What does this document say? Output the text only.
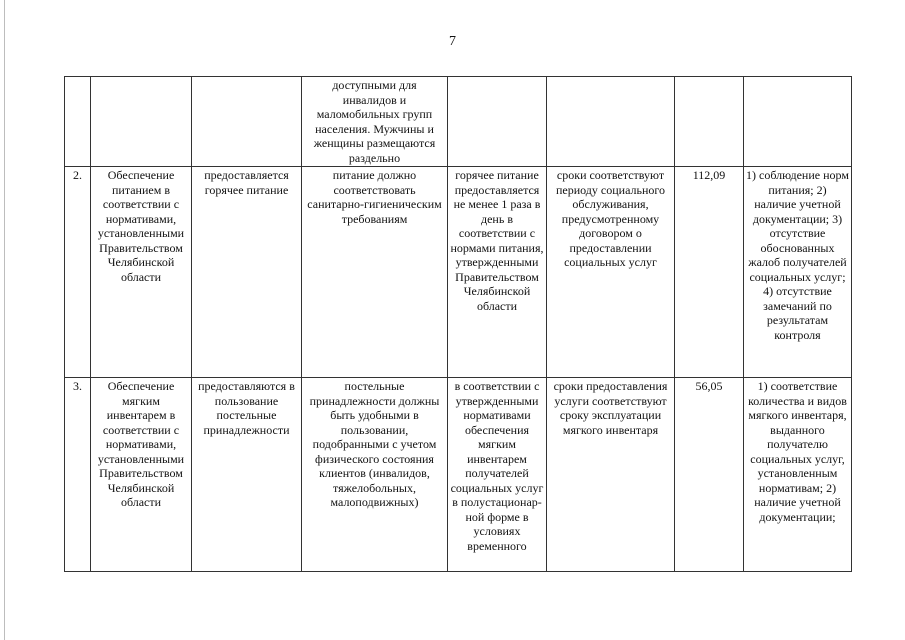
7
			доступными для инвалидов и маломобильных групп населения. Мужчины и женщины размещаются раздельно				
2.	Обеспечение питанием в соответствии с нормативами, установленными Правительством Челябинской области	предоставляется горячее питание	питание должно соответствовать санитарно-гигиеническим требованиям	горячее питание предоставляется не менее 1 раза в день в соответствии с нормами питания, утвержденными Правительством Челябинской области	сроки соответствуют периоду социального обслуживания, предусмотренному договором о предоставлении социальных услуг	112,09	1) соблюдение норм питания; 2) наличие учетной документации; 3) отсутствие обоснованных жалоб получателей социальных услуг; 4) отсутствие замечаний по результатам контроля
3.	Обеспечение мягким инвентарем в соответствии с нормативами, установленными Правительством Челябинской области	предоставляются в пользование постельные принадлежности	постельные принадлежности должны быть удобными в пользовании, подобранными с учетом физического состояния клиентов (инвалидов, тяжелобольных, малоподвижных)	в соответствии с утвержденными нормативами обеспечения мягким инвентарем получателей социальных услуг в полустационар-ной форме в условиях временного	сроки предоставления услуги соответствуют сроку эксплуатации мягкого инвентаря	56,05	1) соответствие количества и видов мягкого инвентаря, выданного получателю социальных услуг, установленным нормативам; 2) наличие учетной документации;
